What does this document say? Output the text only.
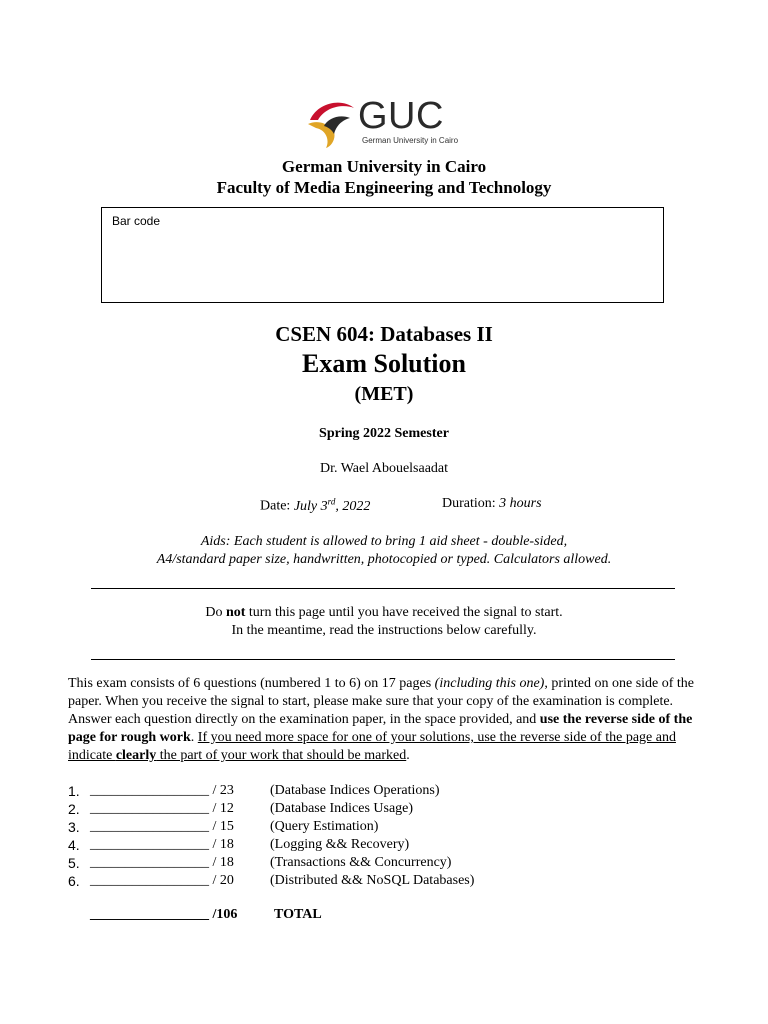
GUC
German University in Cairo
German University in Cairo
Faculty of Media Engineering and Technology
Bar code
CSEN 604: Databases II
Exam Solution
(MET)
Spring 2022 Semester
Dr. Wael Abouelsaadat
Date: July 3rd, 2022	Duration: 3 hours
Aids: Each student is allowed to bring 1 aid sheet - double-sided,
A4/standard paper size, handwritten, photocopied or typed. Calculators allowed.
Do not turn this page until you have received the signal to start.
In the meantime, read the instructions below carefully.
This exam consists of 6 questions (numbered 1 to 6) on 17 pages (including this one), printed on one side of the paper. When you receive the signal to start, please make sure that your copy of the examination is complete. Answer each question directly on the examination paper, in the space provided, and use the reverse side of the page for rough work. If you need more space for one of your solutions, use the reverse side of the page and indicate clearly the part of your work that should be marked.
1. _________________ / 23	(Database Indices Operations)
2. _________________ / 12	(Database Indices Usage)
3. _________________ / 15	(Query Estimation)
4. _________________ / 18	(Logging && Recovery)
5. _________________ / 18	(Transactions && Concurrency)
6. _________________ / 20	(Distributed && NoSQL Databases)
_________________ /106	TOTAL
